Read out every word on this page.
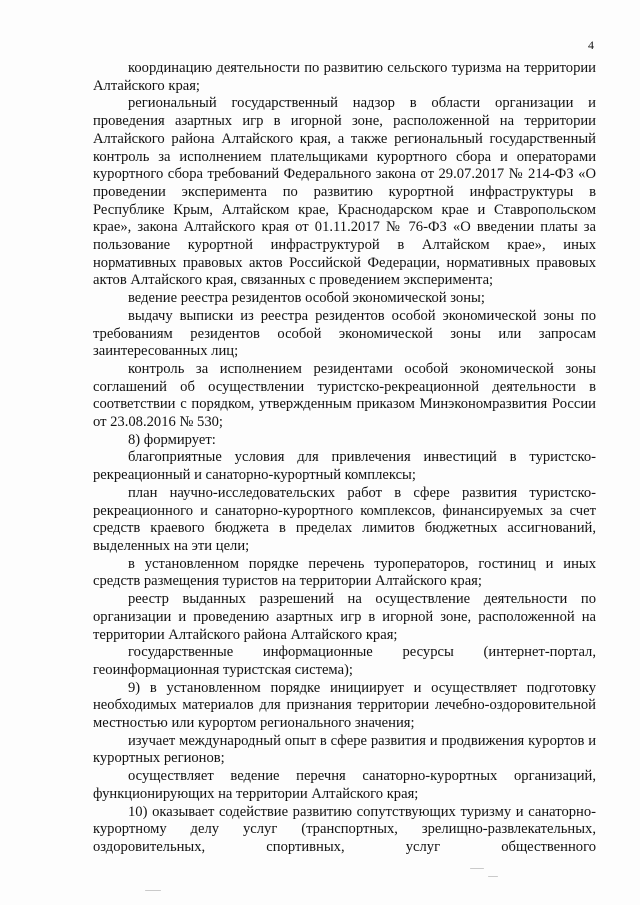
4

координацию деятельности по развитию сельского туризма на территории Алтайского края;

региональный государственный надзор в области организации и проведения азартных игр в игорной зоне, расположенной на территории Алтайского района Алтайского края, а также региональный государственный контроль за исполнением плательщиками курортного сбора и операторами курортного сбора требований Федерального закона от 29.07.2017 № 214-ФЗ «О проведении эксперимента по развитию курортной инфраструктуры в Республике Крым, Алтайском крае, Краснодарском крае и Ставропольском крае», закона Алтайского края от 01.11.2017 № 76-ФЗ «О введении платы за пользование курортной инфраструктурой в Алтайском крае», иных нормативных правовых актов Российской Федерации, нормативных правовых актов Алтайского края, связанных с проведением эксперимента;

ведение реестра резидентов особой экономической зоны;

выдачу выписки из реестра резидентов особой экономической зоны по требованиям резидентов особой экономической зоны или запросам заинтересованных лиц;

контроль за исполнением резидентами особой экономической зоны соглашений об осуществлении туристско-рекреационной деятельности в соответствии с порядком, утвержденным приказом Минэкономразвития России от 23.08.2016 № 530;

8) формирует:

благоприятные условия для привлечения инвестиций в туристско-рекреационный и санаторно-курортный комплексы;

план научно-исследовательских работ в сфере развития туристско-рекреационного и санаторно-курортного комплексов, финансируемых за счет средств краевого бюджета в пределах лимитов бюджетных ассигнований, выделенных на эти цели;

в установленном порядке перечень туроператоров, гостиниц и иных средств размещения туристов на территории Алтайского края;

реестр выданных разрешений на осуществление деятельности по организации и проведению азартных игр в игорной зоне, расположенной на территории Алтайского района Алтайского края;

государственные информационные ресурсы (интернет-портал, геоинформационная туристская система);

9) в установленном порядке инициирует и осуществляет подготовку необходимых материалов для признания территории лечебно-оздоровительной местностью или курортом регионального значения;

изучает международный опыт в сфере развития и продвижения курортов и курортных регионов;

осуществляет ведение перечня санаторно-курортных организаций, функционирующих на территории Алтайского края;

10) оказывает содействие развитию сопутствующих туризму и санаторно-курортному делу услуг (транспортных, зрелищно-развлекательных, оздоровительных, спортивных, услуг общественного
